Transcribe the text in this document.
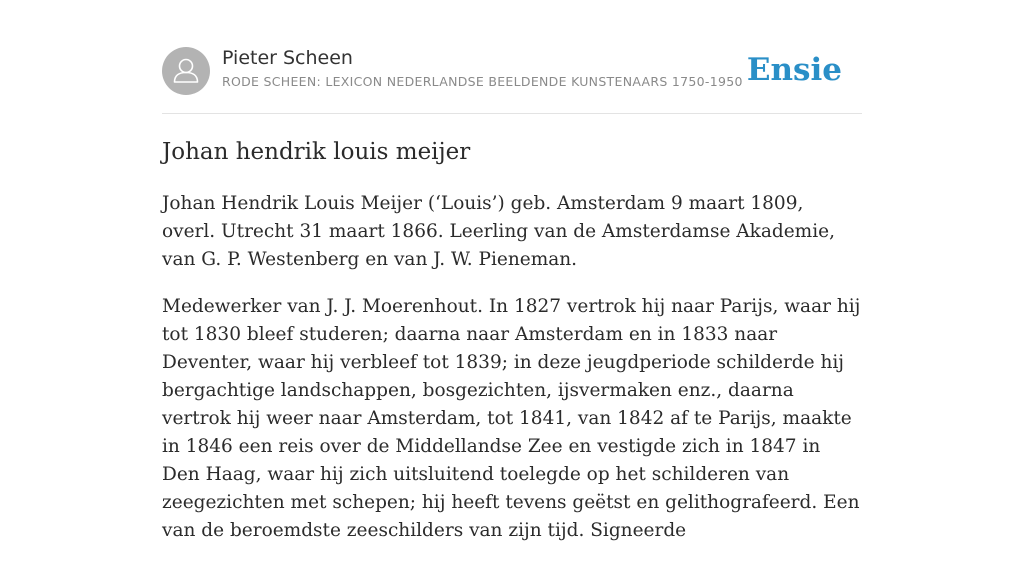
Pieter Scheen
RODE SCHEEN: LEXICON NEDERLANDSE BEELDENDE KUNSTENAARS 1750-1950 Ensie
Johan hendrik louis meijer

Johan Hendrik Louis Meijer (‘Louis’) geb. Amsterdam 9 maart 1809, overl. Utrecht 31 maart 1866. Leerling van de Amsterdamse Akademie, van G. P. Westenberg en van J. W. Pieneman.

Medewerker van J. J. Moerenhout. In 1827 vertrok hij naar Parijs, waar hij tot 1830 bleef studeren; daarna naar Amsterdam en in 1833 naar Deventer, waar hij verbleef tot 1839; in deze jeugdperiode schilderde hij bergachtige landschappen, bosgezichten, ijsvermaken enz., daarna vertrok hij weer naar Amsterdam, tot 1841, van 1842 af te Parijs, maakte in 1846 een reis over de Middellandse Zee en vestigde zich in 1847 in Den Haag, waar hij zich uitsluitend toelegde op het schilderen van zeegezichten met schepen; hij heeft tevens geëtst en gelithografeerd. Een van de beroemdste zeeschilders van zijn tijd. Signeerde
